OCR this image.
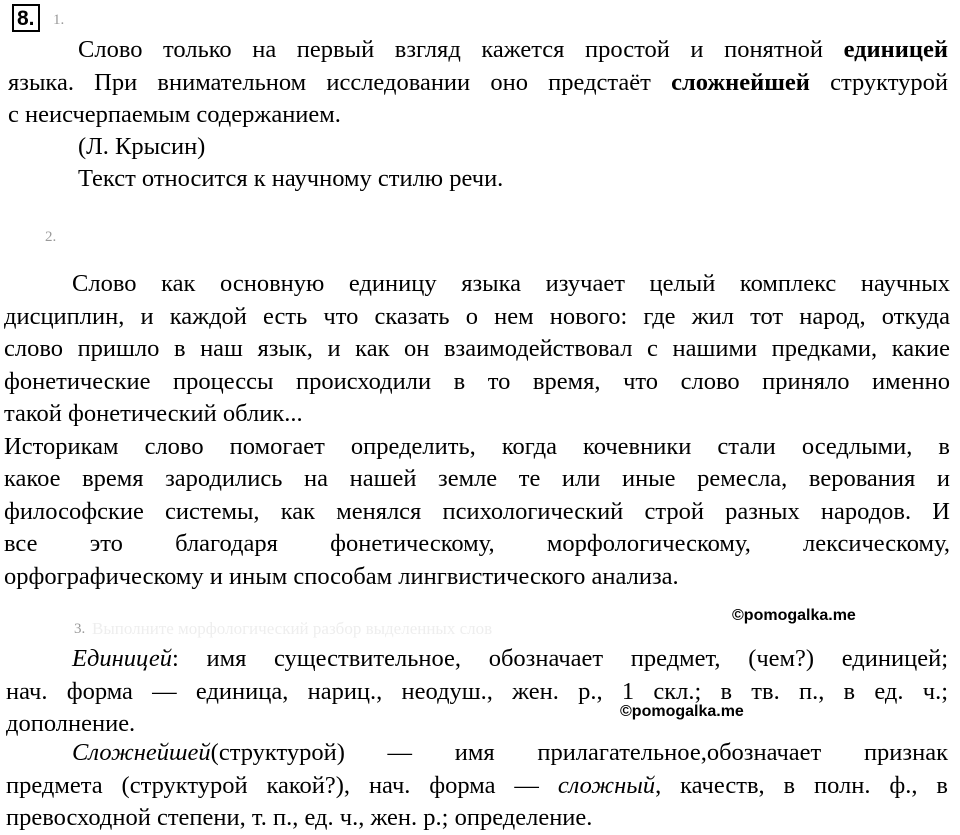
8.	1.

Слово только на первый взгляд кажется простой и понятной единицей

языка. При внимательном исследовании оно предстаёт сложнейшей структурой

с неисчерпаемым содержанием.

(Л. Крысин)
Текст относится к научному стилю речи.
2.

Слово как основную единицу языка изучает целый комплекс научных

дисциплин, и каждой есть что сказать о нем нового: где жил тот народ, откуда

слово пришло в наш язык, и как он взаимодействовал с нашими предками, какие

фонетические процессы происходили в то время, что слово приняло именно

такой фонетический облик...

Историкам слово помогает определить, когда кочевники стали оседлыми, в

какое время зародились на нашей земле те или иные ремесла, верования и

философские системы, как менялся психологический строй разных народов. И

все это благодаря фонетическому, морфологическому, лексическому,

орфографическому и иным способам лингвистического анализа.

©pomogalka.me
©pomogalka.me
3. Выполните морфологический разбор выделенных слов

Единицей: имя существительное, обозначает предмет, (чем?) единицей;

нач. форма — единица, нариц., неодуш., жен. р., 1 скл.; в тв. п., в ед. ч.;

дополнение.

Сложнейшей(структурой) — имя прилагательное,обозначает признак

предмета (структурой какой?), нач. форма — сложный, качеств, в полн. ф., в

превосходной степени, т. п., ед. ч., жен. р.; определение.
